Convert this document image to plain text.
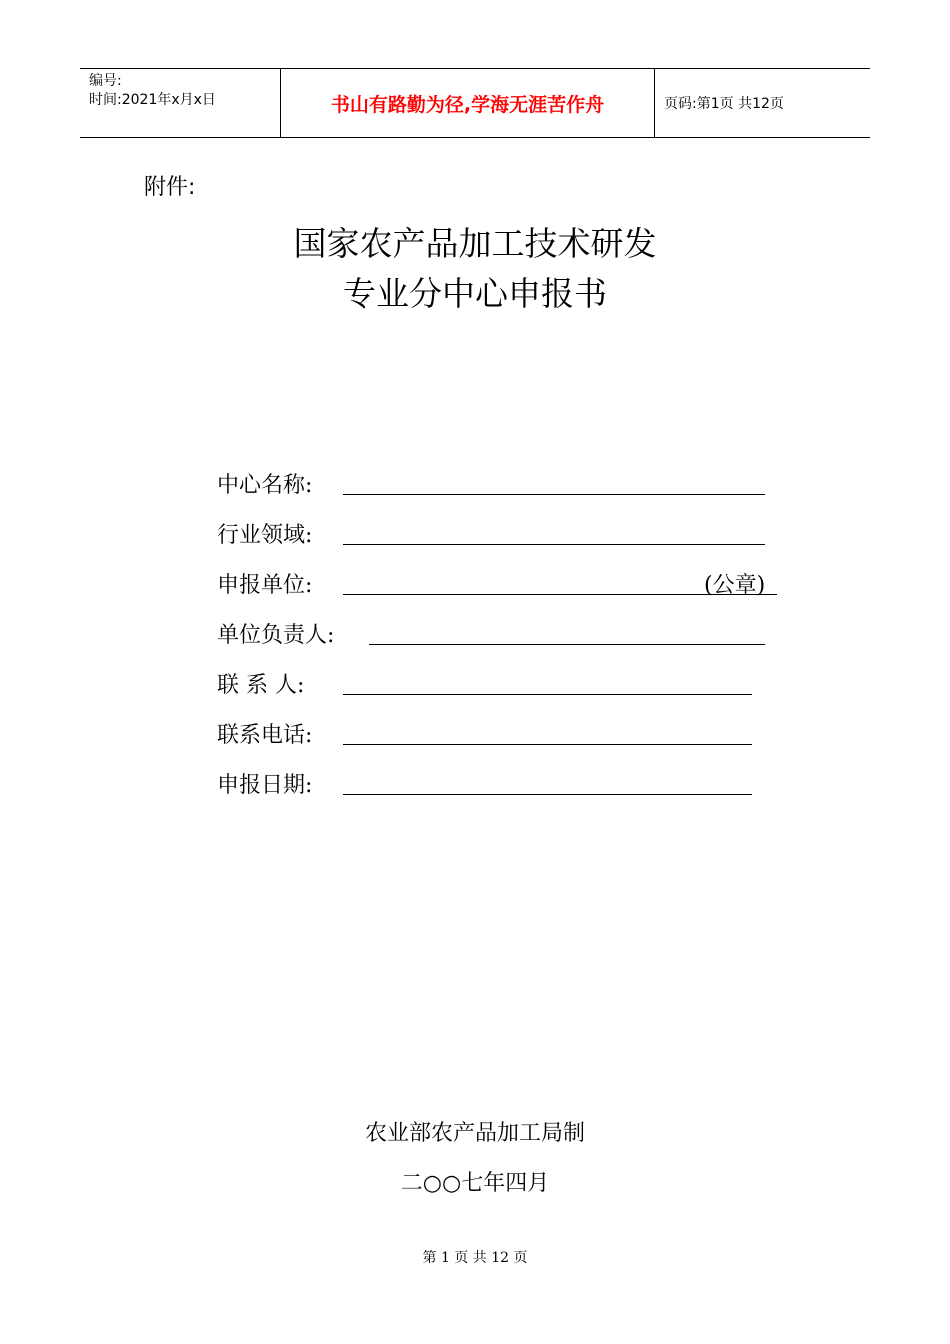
编号:
时间:2021年x月x日	书山有路勤为径,学海无涯苦作舟	页码:第1页 共12页
附件:
国家农产品加工技术研发
专业分中心申报书
中心名称:
行业领域:
申报单位:	(公章)
单位负责人:
联 系 人:
联系电话:
申报日期:
农业部农产品加工局制
二○○七年四月
第 1 页 共 12 页
